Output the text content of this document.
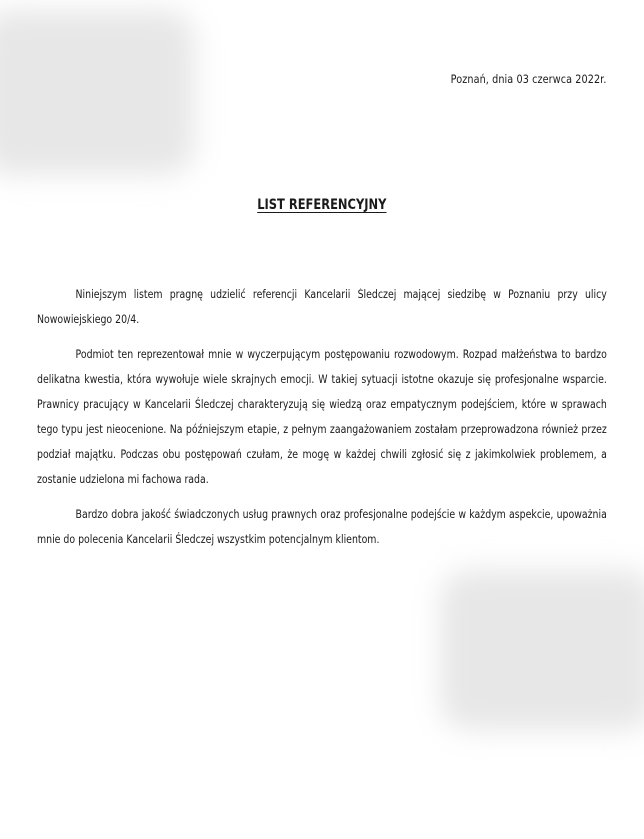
Poznań, dnia 03 czerwca 2022r.
LIST REFERENCYJNY

Niniejszym listem pragnę udzielić referencji Kancelarii Śledczej mającej siedzibę w Poznaniu przy ulicy Nowowiejskiego 20/4.

Podmiot ten reprezentował mnie w wyczerpującym postępowaniu rozwodowym. Rozpad małżeństwa to bardzo delikatna kwestia, która wywołuje wiele skrajnych emocji. W takiej sytuacji istotne okazuje się profesjonalne wsparcie. Prawnicy pracujący w Kancelarii Śledczej charakteryzują się wiedzą oraz empatycznym podejściem, które w sprawach tego typu jest nieocenione. Na późniejszym etapie, z pełnym zaangażowaniem zostałam przeprowadzona również przez podział majątku. Podczas obu postępowań czułam, że mogę w każdej chwili zgłosić się z jakimkolwiek problemem, a zostanie udzielona mi fachowa rada.

Bardzo dobra jakość świadczonych usług prawnych oraz profesjonalne podejście w każdym aspekcie, upoważnia mnie do polecenia Kancelarii Śledczej wszystkim potencjalnym klientom.
